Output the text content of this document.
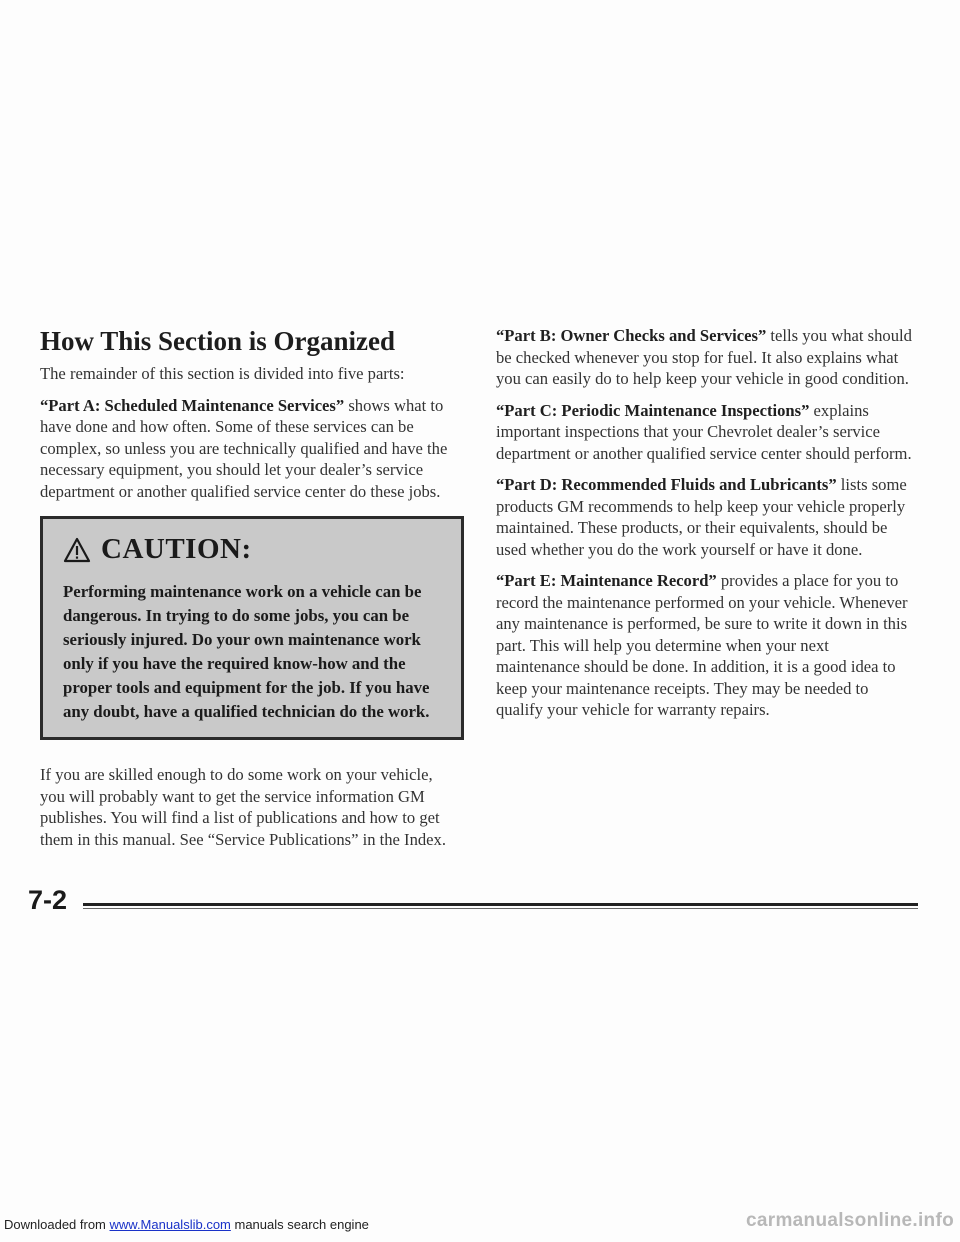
How This Section is Organized

The remainder of this section is divided into five parts:

“Part A: Scheduled Maintenance Services” shows what to have done and how often. Some of these services can be complex, so unless you are technically qualified and have the necessary equipment, you should let your dealer’s service department or another qualified service center do these jobs.

CAUTION:

Performing maintenance work on a vehicle can be dangerous. In trying to do some jobs, you can be seriously injured. Do your own maintenance work only if you have the required know-how and the proper tools and equipment for the job. If you have any doubt, have a qualified technician do the work.

If you are skilled enough to do some work on your vehicle, you will probably want to get the service information GM publishes. You will find a list of publications and how to get them in this manual. See “Service Publications” in the Index.

“Part B: Owner Checks and Services” tells you what should be checked whenever you stop for fuel. It also explains what you can easily do to help keep your vehicle in good condition.

“Part C: Periodic Maintenance Inspections” explains important inspections that your Chevrolet dealer’s service department or another qualified service center should perform.

“Part D: Recommended Fluids and Lubricants” lists some products GM recommends to help keep your vehicle properly maintained. These products, or their equivalents, should be used whether you do the work yourself or have it done.

“Part E: Maintenance Record” provides a place for you to record the maintenance performed on your vehicle. Whenever any maintenance is performed, be sure to write it down in this part. This will help you determine when your next maintenance should be done. In addition, it is a good idea to keep your maintenance receipts. They may be needed to qualify your vehicle for warranty repairs.

7-2
Downloaded from www.Manualslib.com manuals search engine	carmanualsonline.info
